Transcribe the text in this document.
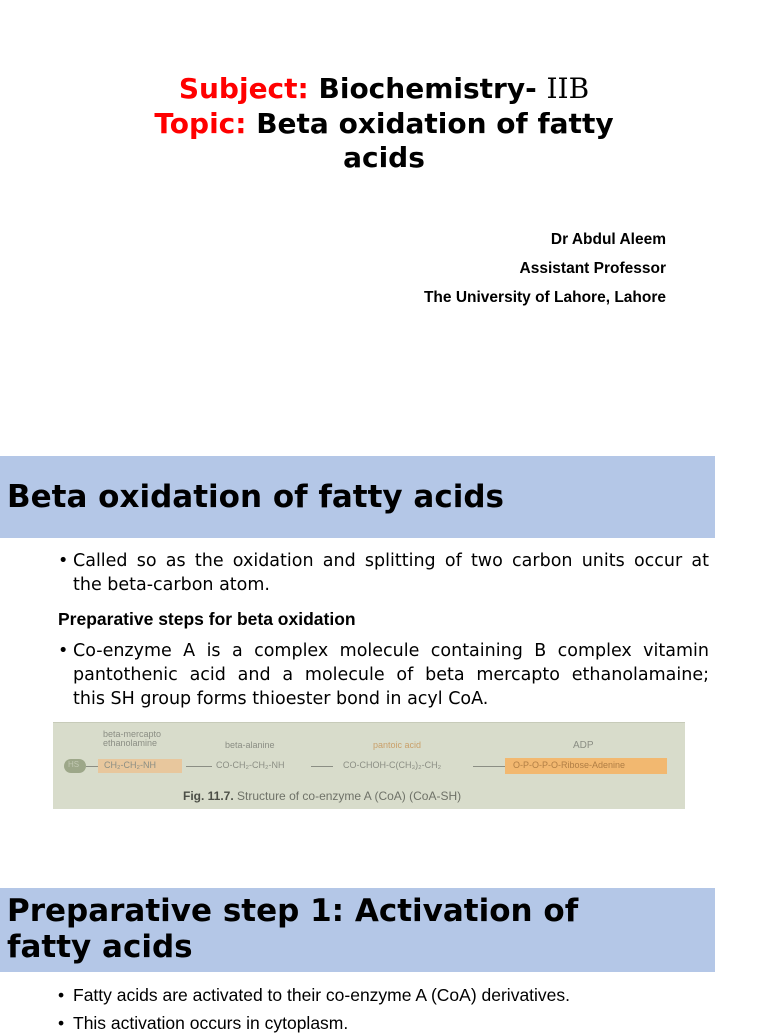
Subject: Biochemistry- IIB
Topic: Beta oxidation of fatty
acids
Dr Abdul Aleem
Assistant Professor
The University of Lahore, Lahore
Beta oxidation of fatty acids
• Called so as the oxidation and splitting of two carbon units occur at
the beta-carbon atom.
Preparative steps for beta oxidation
• Co-enzyme A is a complex molecule containing B complex vitamin
pantothenic acid and a molecule of beta mercapto ethanolamaine;
this SH group forms thioester bond in acyl CoA.
beta-mercapto
ethanolamine	beta-alanine	pantoic acid	ADP
HS	CH₂-CH₂-NH	CO-CH₂-CH₂-NH	CO-CHOH-C(CH₃)₂-CH₂	O-P-O-P-O-Ribose-Adenine
Fig. 11.7. Structure of co-enzyme A (CoA) (CoA-SH)
Preparative step 1: Activation of
fatty acids
• Fatty acids are activated to their co-enzyme A (CoA) derivatives.
• This activation occurs in cytoplasm.
